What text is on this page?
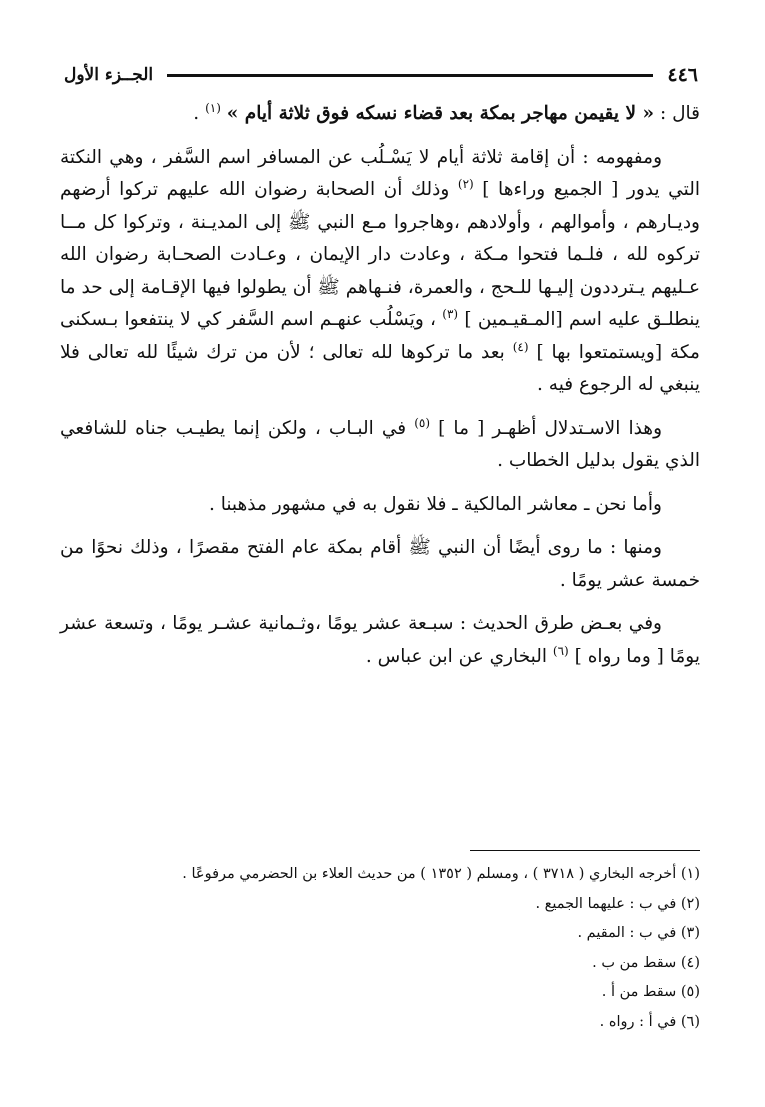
٤٤٦
الجــزء الأول

قال : « لا يقيمن مهاجر بمكة بعد قضاء نسكه فوق ثلاثة أيام » $^{(١)}$ .

ومفهومه : أن إقامة ثلاثة أيام لا يَسْـلُب عن المسافر اسم السَّفر ، وهي النكتة التي يدور [ الجميع وراءها ] $^{(٢)}$ وذلك أن الصحابة رضوان الله عليهم تركوا أرضهم وديـارهم ، وأموالهم ، وأولادهم ،وهاجروا مـع النبي ﷺ إلى المديـنة ، وتركوا كل مــا تركوه لله ، فلـما فتحوا مـكة ، وعادت دار الإيمان ، وعـادت الصحـابة رضوان الله عـليهم يـترددون إليـها للـحج ، والعمرة، فنـهاهم ﷺ أن يطولوا فيها الإقـامة إلى حد ما ينطلـق عليه اسم [المـقيـمين ] $^{(٣)}$ ، ويَسْلُب عنهـم اسم السَّفر كي لا ينتفعوا بـسكنى مكة [ويستمتعوا بها ] $^{(٤)}$ بعد ما تركوها لله تعالى ؛ لأن من ترك شيئًا لله تعالى فلا ينبغي له الرجوع فيه .

وهذا الاسـتدلال أظهـر [ ما ] $^{(٥)}$ في البـاب ، ولكن إنما يطيـب جناه للشافعي الذي يقول بدليل الخطاب .

وأما نحن ـ معاشر المالكية ـ فلا نقول به في مشهور مذهبنا .

ومنها : ما روى أيضًا أن النبي ﷺ أقام بمكة عام الفتح مقصرًا ، وذلك نحوًا من خمسة عشر يومًا .

وفي بعـض طرق الحديث : سبـعة عشر يومًا ،وثـمانية عشـر يومًا ، وتسعة عشر يومًا [ وما رواه ] $^{(٦)}$ البخاري عن ابن عباس .

(١) أخرجه البخاري ( ٣٧١٨ ) ، ومسلم ( ١٣٥٢ ) من حديث العلاء بن الحضرمي مرفوعًا .

(٢) في ب : عليهما الجميع .

(٣) في ب : المقيم .

(٤) سقط من ب .

(٥) سقط من أ .

(٦) في أ : رواه .
